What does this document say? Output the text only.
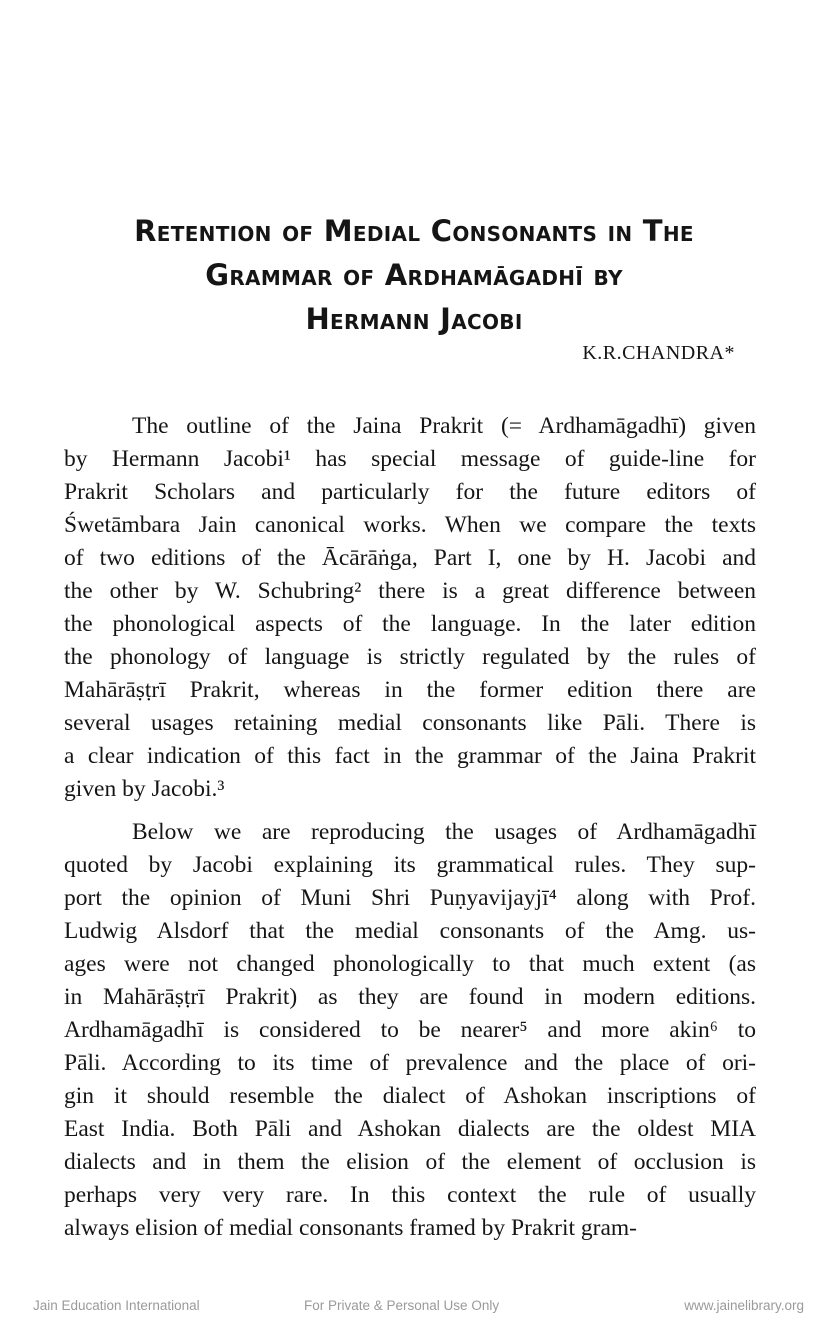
Retention of Medial Consonants in The
Grammar of Ardhamāgadhī by
Hermann Jacobi
K.R.CHANDRA*
The outline of the Jaina Prakrit (= Ardhamāgadhī) given
by Hermann Jacobi¹ has special message of guide-line for
Prakrit Scholars and particularly for the future editors of
Śwetāmbara Jain canonical works. When we compare the texts
of two editions of the Ācārāṅga, Part I, one by H. Jacobi and
the other by W. Schubring² there is a great difference between
the phonological aspects of the language. In the later edition
the phonology of language is strictly regulated by the rules of
Mahārāṣṭrī Prakrit, whereas in the former edition there are
several usages retaining medial consonants like Pāli. There is
a clear indication of this fact in the grammar of the Jaina Prakrit
given by Jacobi.³
Below we are reproducing the usages of Ardhamāgadhī
quoted by Jacobi explaining its grammatical rules. They sup-
port the opinion of Muni Shri Puṇyavijayjī⁴ along with Prof.
Ludwig Alsdorf that the medial consonants of the Amg. us-
ages were not changed phonologically to that much extent (as
in Mahārāṣṭrī Prakrit) as they are found in modern editions.
Ardhamāgadhī is considered to be nearer⁵ and more akin⁶ to
Pāli. According to its time of prevalence and the place of ori-
gin it should resemble the dialect of Ashokan inscriptions of
East India. Both Pāli and Ashokan dialects are the oldest MIA
dialects and in them the elision of the element of occlusion is
perhaps very very rare. In this context the rule of usually
always elision of medial consonants framed by Prakrit gram-
Jain Education International	For Private & Personal Use Only	www.jainelibrary.org
